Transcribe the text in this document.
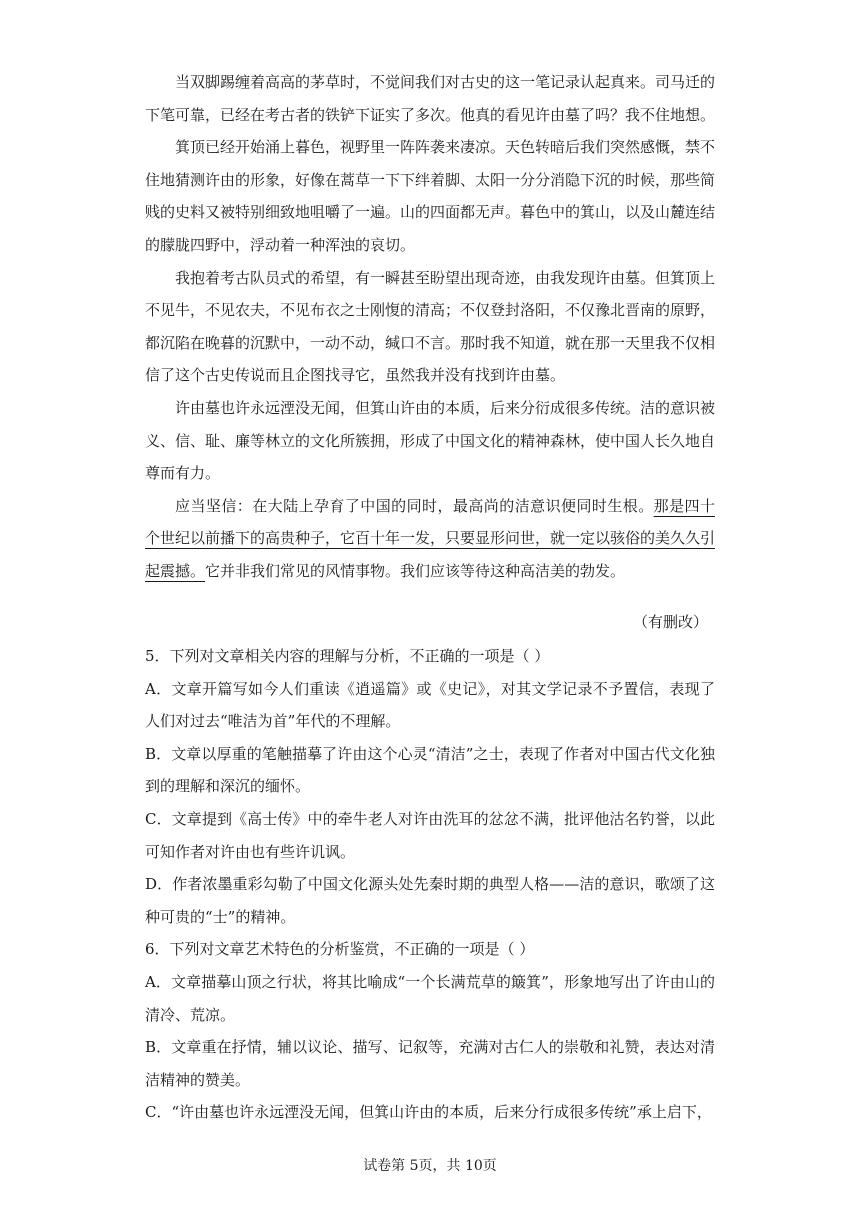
当双脚踢缠着高高的茅草时，不觉间我们对古史的这一笔记录认起真来。司马迁的下笔可靠，已经在考古者的铁铲下证实了多次。他真的看见许由墓了吗？我不住地想。

箕顶已经开始涌上暮色，视野里一阵阵袭来凄凉。天色转暗后我们突然感慨，禁不住地猜测许由的形象，好像在蒿草一下下绊着脚、太阳一分分消隐下沉的时候，那些简贱的史料又被特别细致地咀嚼了一遍。山的四面都无声。暮色中的箕山，以及山麓连结的朦胧四野中，浮动着一种浑浊的哀切。

我抱着考古队员式的希望，有一瞬甚至盼望出现奇迹，由我发现许由墓。但箕顶上不见牛，不见农夫，不见布衣之士刚愎的清高；不仅登封洛阳，不仅豫北晋南的原野，都沉陷在晚暮的沉默中，一动不动，缄口不言。那时我不知道，就在那一天里我不仅相信了这个古史传说而且企图找寻它，虽然我并没有找到许由墓。

许由墓也许永远湮没无闻，但箕山许由的本质，后来分衍成很多传统。洁的意识被义、信、耻、廉等林立的文化所簇拥，形成了中国文化的精神森林，使中国人长久地自尊而有力。

应当坚信：在大陆上孕育了中国的同时，最高尚的洁意识便同时生根。那是四十个世纪以前播下的高贵种子，它百十年一发，只要显形问世，就一定以骇俗的美久久引起震撼。它并非我们常见的风情事物。我们应该等待这种高洁美的勃发。

（有删改）

5．下列对文章相关内容的理解与分析，不正确的一项是（ ）

A．文章开篇写如今人们重读《逍遥篇》或《史记》，对其文学记录不予置信，表现了人们对过去“唯洁为首”年代的不理解。

B．文章以厚重的笔触描摹了许由这个心灵“清洁”之士，表现了作者对中国古代文化独到的理解和深沉的缅怀。

C．文章提到《高士传》中的牵牛老人对许由洗耳的忿忿不满，批评他沽名钓誉，以此可知作者对许由也有些许讥讽。

D．作者浓墨重彩勾勒了中国文化源头处先秦时期的典型人格——洁的意识，歌颂了这种可贵的“士”的精神。

6．下列对文章艺术特色的分析鉴赏，不正确的一项是（ ）

A．文章描摹山顶之行状，将其比喻成“一个长满荒草的簸箕”，形象地写出了许由山的清冷、荒凉。

B．文章重在抒情，辅以议论、描写、记叙等，充满对古仁人的崇敬和礼赞，表达对清洁精神的赞美。

C．“许由墓也许永远湮没无闻，但箕山许由的本质，后来分行成很多传统”承上启下，

试卷第 5页，共 10页
